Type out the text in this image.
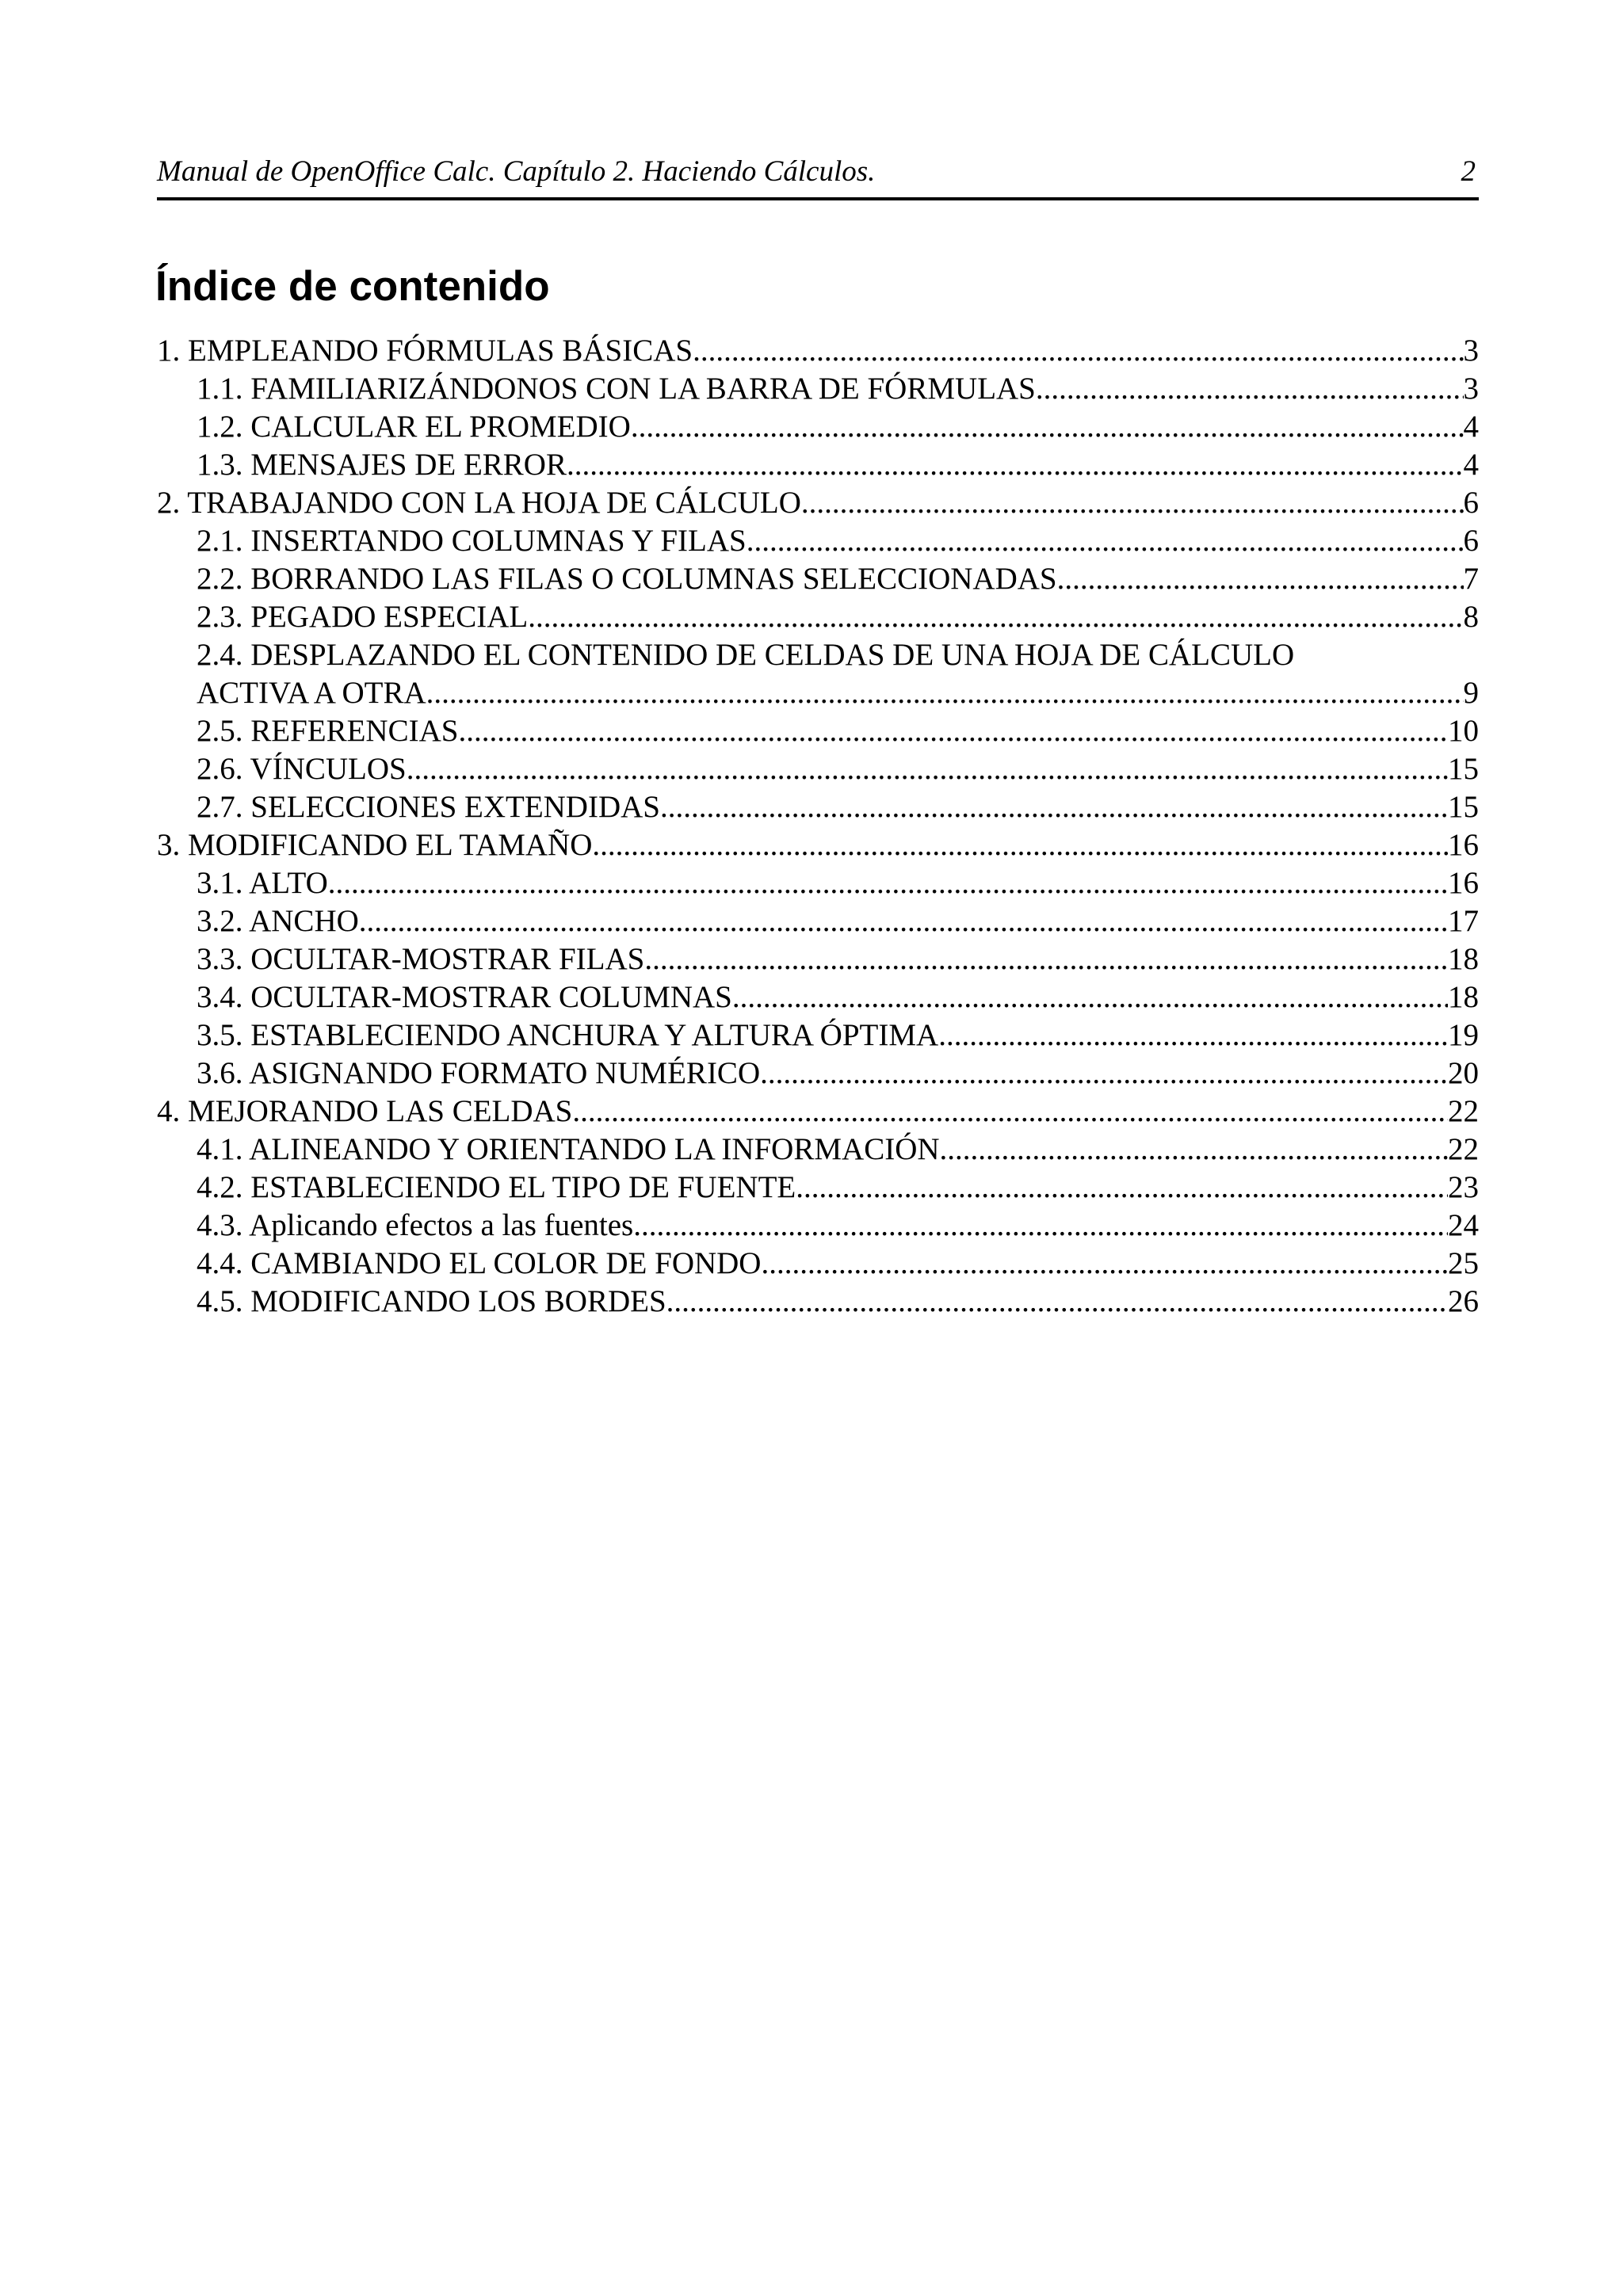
Manual de OpenOffice Calc. Capítulo 2. Haciendo Cálculos.	2
Índice de contenido
1. EMPLEANDO FÓRMULAS BÁSICAS .....	3
1.1. FAMILIARIZÁNDONOS CON LA BARRA DE FÓRMULAS .....	3
1.2. CALCULAR EL PROMEDIO .....	4
1.3. MENSAJES DE ERROR .....	4
2. TRABAJANDO CON LA HOJA DE CÁLCULO .....	6
2.1. INSERTANDO COLUMNAS Y FILAS .....	6
2.2. BORRANDO LAS FILAS O COLUMNAS SELECCIONADAS .....	7
2.3. PEGADO ESPECIAL .....	8
2.4. DESPLAZANDO EL CONTENIDO DE CELDAS DE UNA HOJA DE CÁLCULO
ACTIVA A OTRA .....	9
2.5. REFERENCIAS .....	10
2.6. VÍNCULOS .....	15
2.7. SELECCIONES EXTENDIDAS .....	15
3. MODIFICANDO EL TAMAÑO .....	16
3.1. ALTO .....	16
3.2. ANCHO .....	17
3.3. OCULTAR-MOSTRAR FILAS .....	18
3.4. OCULTAR-MOSTRAR COLUMNAS .....	18
3.5. ESTABLECIENDO ANCHURA Y ALTURA ÓPTIMA .....	19
3.6. ASIGNANDO FORMATO NUMÉRICO .....	20
4. MEJORANDO LAS CELDAS .....	22
4.1. ALINEANDO Y ORIENTANDO LA INFORMACIÓN .....	22
4.2. ESTABLECIENDO EL TIPO DE FUENTE .....	23
4.3. Aplicando efectos a las fuentes .....	24
4.4. CAMBIANDO EL COLOR DE FONDO .....	25
4.5. MODIFICANDO LOS BORDES .....	26
